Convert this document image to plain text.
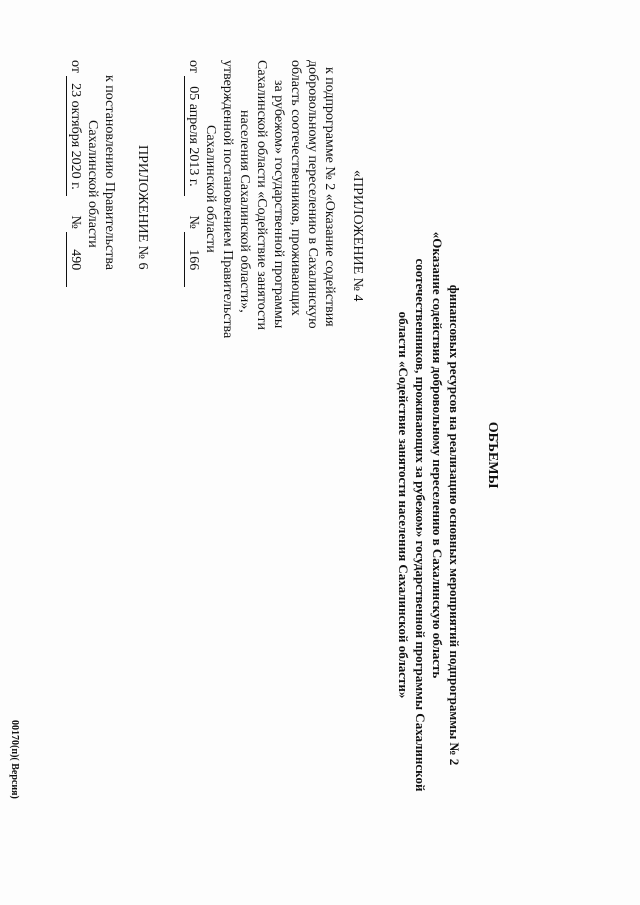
ПРИЛОЖЕНИЕ № 6
к постановлению Правительства
Сахалинской области
от 23 октября 2020 г.  № 490	«ПРИЛОЖЕНИЕ № 4
к подпрограмме № 2 «Оказание содействия
добровольному переселению в Сахалинскую
область соотечественников, проживающих
за рубежом» государственной программы
Сахалинской области «Содействие занятости
населения Сахалинской области»,
утвержденной постановлением Правительства
Сахалинской области
от 05 апреля 2013 г.  № 166
ОБЪЕМЫ
финансовых ресурсов на реализацию основных мероприятий подпрограммы № 2
«Оказание содействия добровольному переселению в Сахалинскую область
соотечественников, проживающих за рубежом» государственной программы Сахалинской
области «Содействие занятости населения Сахалинской области»
00170(п)( Версия)
